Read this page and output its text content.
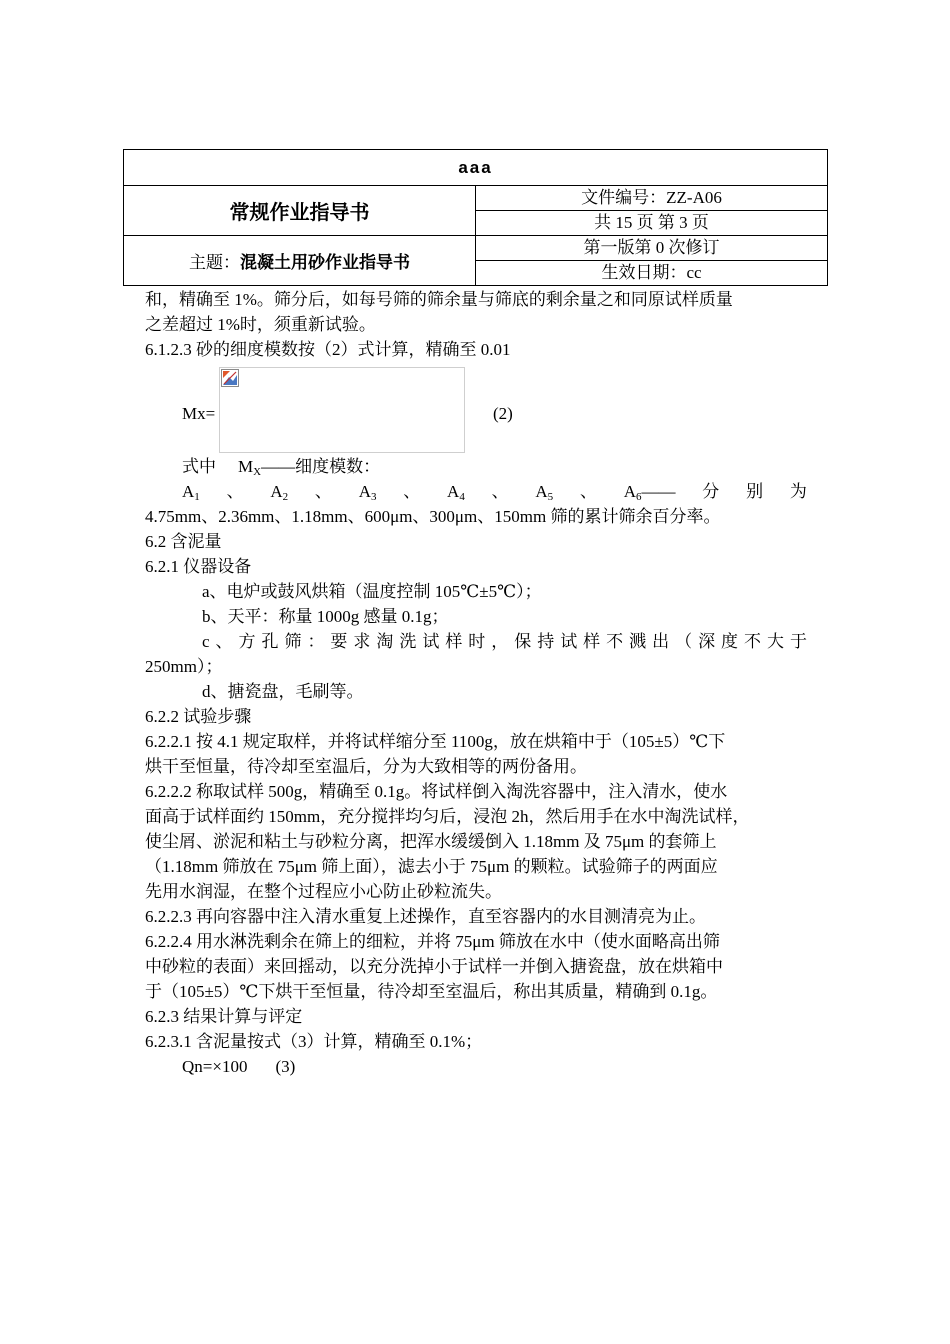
aaa	
常规作业指导书	文件编号：ZZ-A06
	共 15 页 第 3 页
主题：混凝土用砂作业指导书	第一版第 0 次修订
	生效日期：cc
和，精确至 1%。筛分后，如每号筛的筛余量与筛底的剩余量之和同原试样质量
之差超过 1%时，须重新试验。
6.1.2.3 砂的细度模数按（2）式计算，精确至 0.01
Mx=	(2)
式中 $M_X——$细度模数：
$A_1$ 、 $A_2$ 、 $A_3$ 、 $A_4$ 、 $A_5$ 、 $A_6——$ 分 别 为
4.75mm、2.36mm、1.18mm、600μm、300μm、150mm 筛的累计筛余百分率。
6.2 含泥量
6.2.1 仪器设备
a、电炉或鼓风烘箱（温度控制 105℃±5℃）；
b、天平：称量 1000g 感量 0.1g；
c、方孔筛：要求淘洗试样时，保持试样不溅出（深度不大于
250mm）；
d、搪瓷盘，毛刷等。
6.2.2 试验步骤
6.2.2.1 按 4.1 规定取样，并将试样缩分至 1100g，放在烘箱中于（105±5）℃下
烘干至恒量，待冷却至室温后，分为大致相等的两份备用。
6.2.2.2 称取试样 500g，精确至 0.1g。将试样倒入淘洗容器中，注入清水，使水
面高于试样面约 150mm，充分搅拌均匀后，浸泡 2h，然后用手在水中淘洗试样，
使尘屑、淤泥和粘土与砂粒分离，把浑水缓缓倒入 1.18mm 及 75μm 的套筛上
（1.18mm 筛放在 75μm 筛上面），滤去小于 75μm 的颗粒。试验筛子的两面应
先用水润湿，在整个过程应小心防止砂粒流失。
6.2.2.3 再向容器中注入清水重复上述操作，直至容器内的水目测清亮为止。
6.2.2.4 用水淋洗剩余在筛上的细粒，并将 75μm 筛放在水中（使水面略高出筛
中砂粒的表面）来回摇动，以充分洗掉小于试样一并倒入搪瓷盘，放在烘箱中
于（105±5）℃下烘干至恒量，待冷却至室温后，称出其质量，精确到 0.1g。
6.2.3 结果计算与评定
6.2.3.1 含泥量按式（3）计算，精确至 0.1%；
Qn=×100 (3)
